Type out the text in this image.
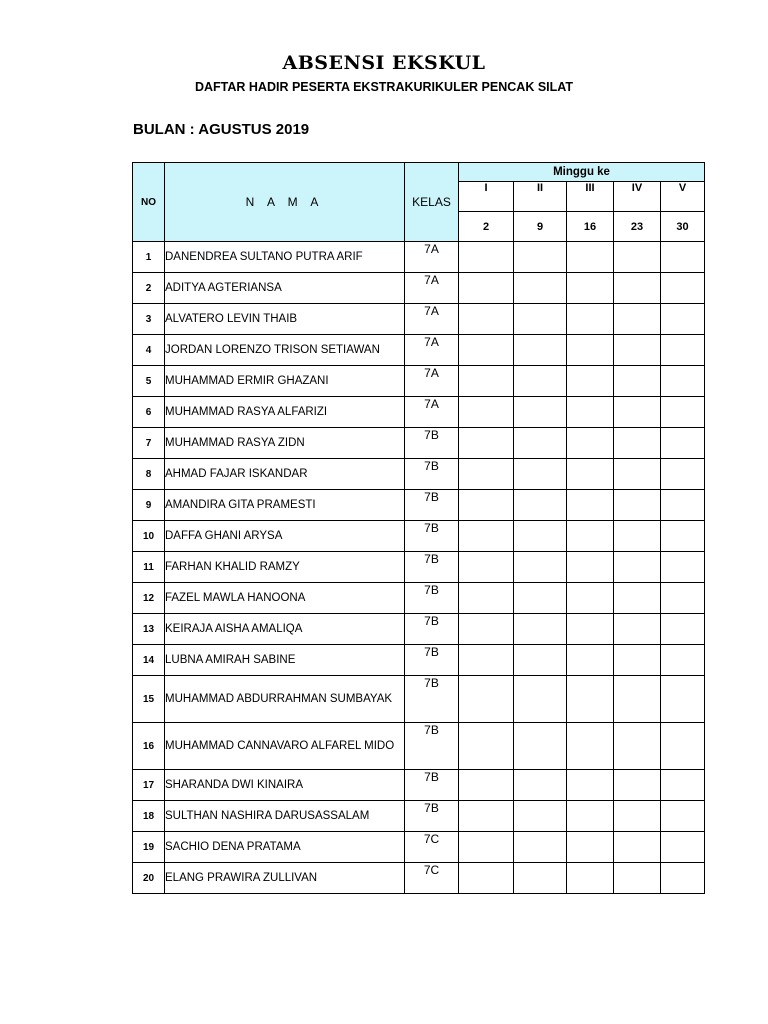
ABSENSI EKSKUL
DAFTAR HADIR PESERTA EKSTRAKURIKULER PENCAK SILAT
BULAN : AGUSTUS 2019
NO	N A M A	KELAS	Minggu ke				
			I	II	III	IV	V
			2	9	16	23	30
1	DANENDREA SULTANO PUTRA ARIF	7A					
2	ADITYA AGTERIANSA	7A					
3	ALVATERO LEVIN THAIB	7A					
4	JORDAN LORENZO TRISON SETIAWAN	7A					
5	MUHAMMAD ERMIR GHAZANI	7A					
6	MUHAMMAD RASYA ALFARIZI	7A					
7	MUHAMMAD RASYA ZIDN	7B					
8	AHMAD FAJAR ISKANDAR	7B					
9	AMANDIRA GITA PRAMESTI	7B					
10	DAFFA GHANI ARYSA	7B					
11	FARHAN KHALID RAMZY	7B					
12	FAZEL MAWLA HANOONA	7B					
13	KEIRAJA AISHA AMALIQA	7B					
14	LUBNA AMIRAH SABINE	7B					
15	MUHAMMAD ABDURRAHMAN SUMBAYAK	7B					
16	MUHAMMAD CANNAVARO ALFAREL MIDO	7B					
17	SHARANDA DWI KINAIRA	7B					
18	SULTHAN NASHIRA DARUSASSALAM	7B					
19	SACHIO DENA PRATAMA	7C					
20	ELANG PRAWIRA ZULLIVAN	7C					
